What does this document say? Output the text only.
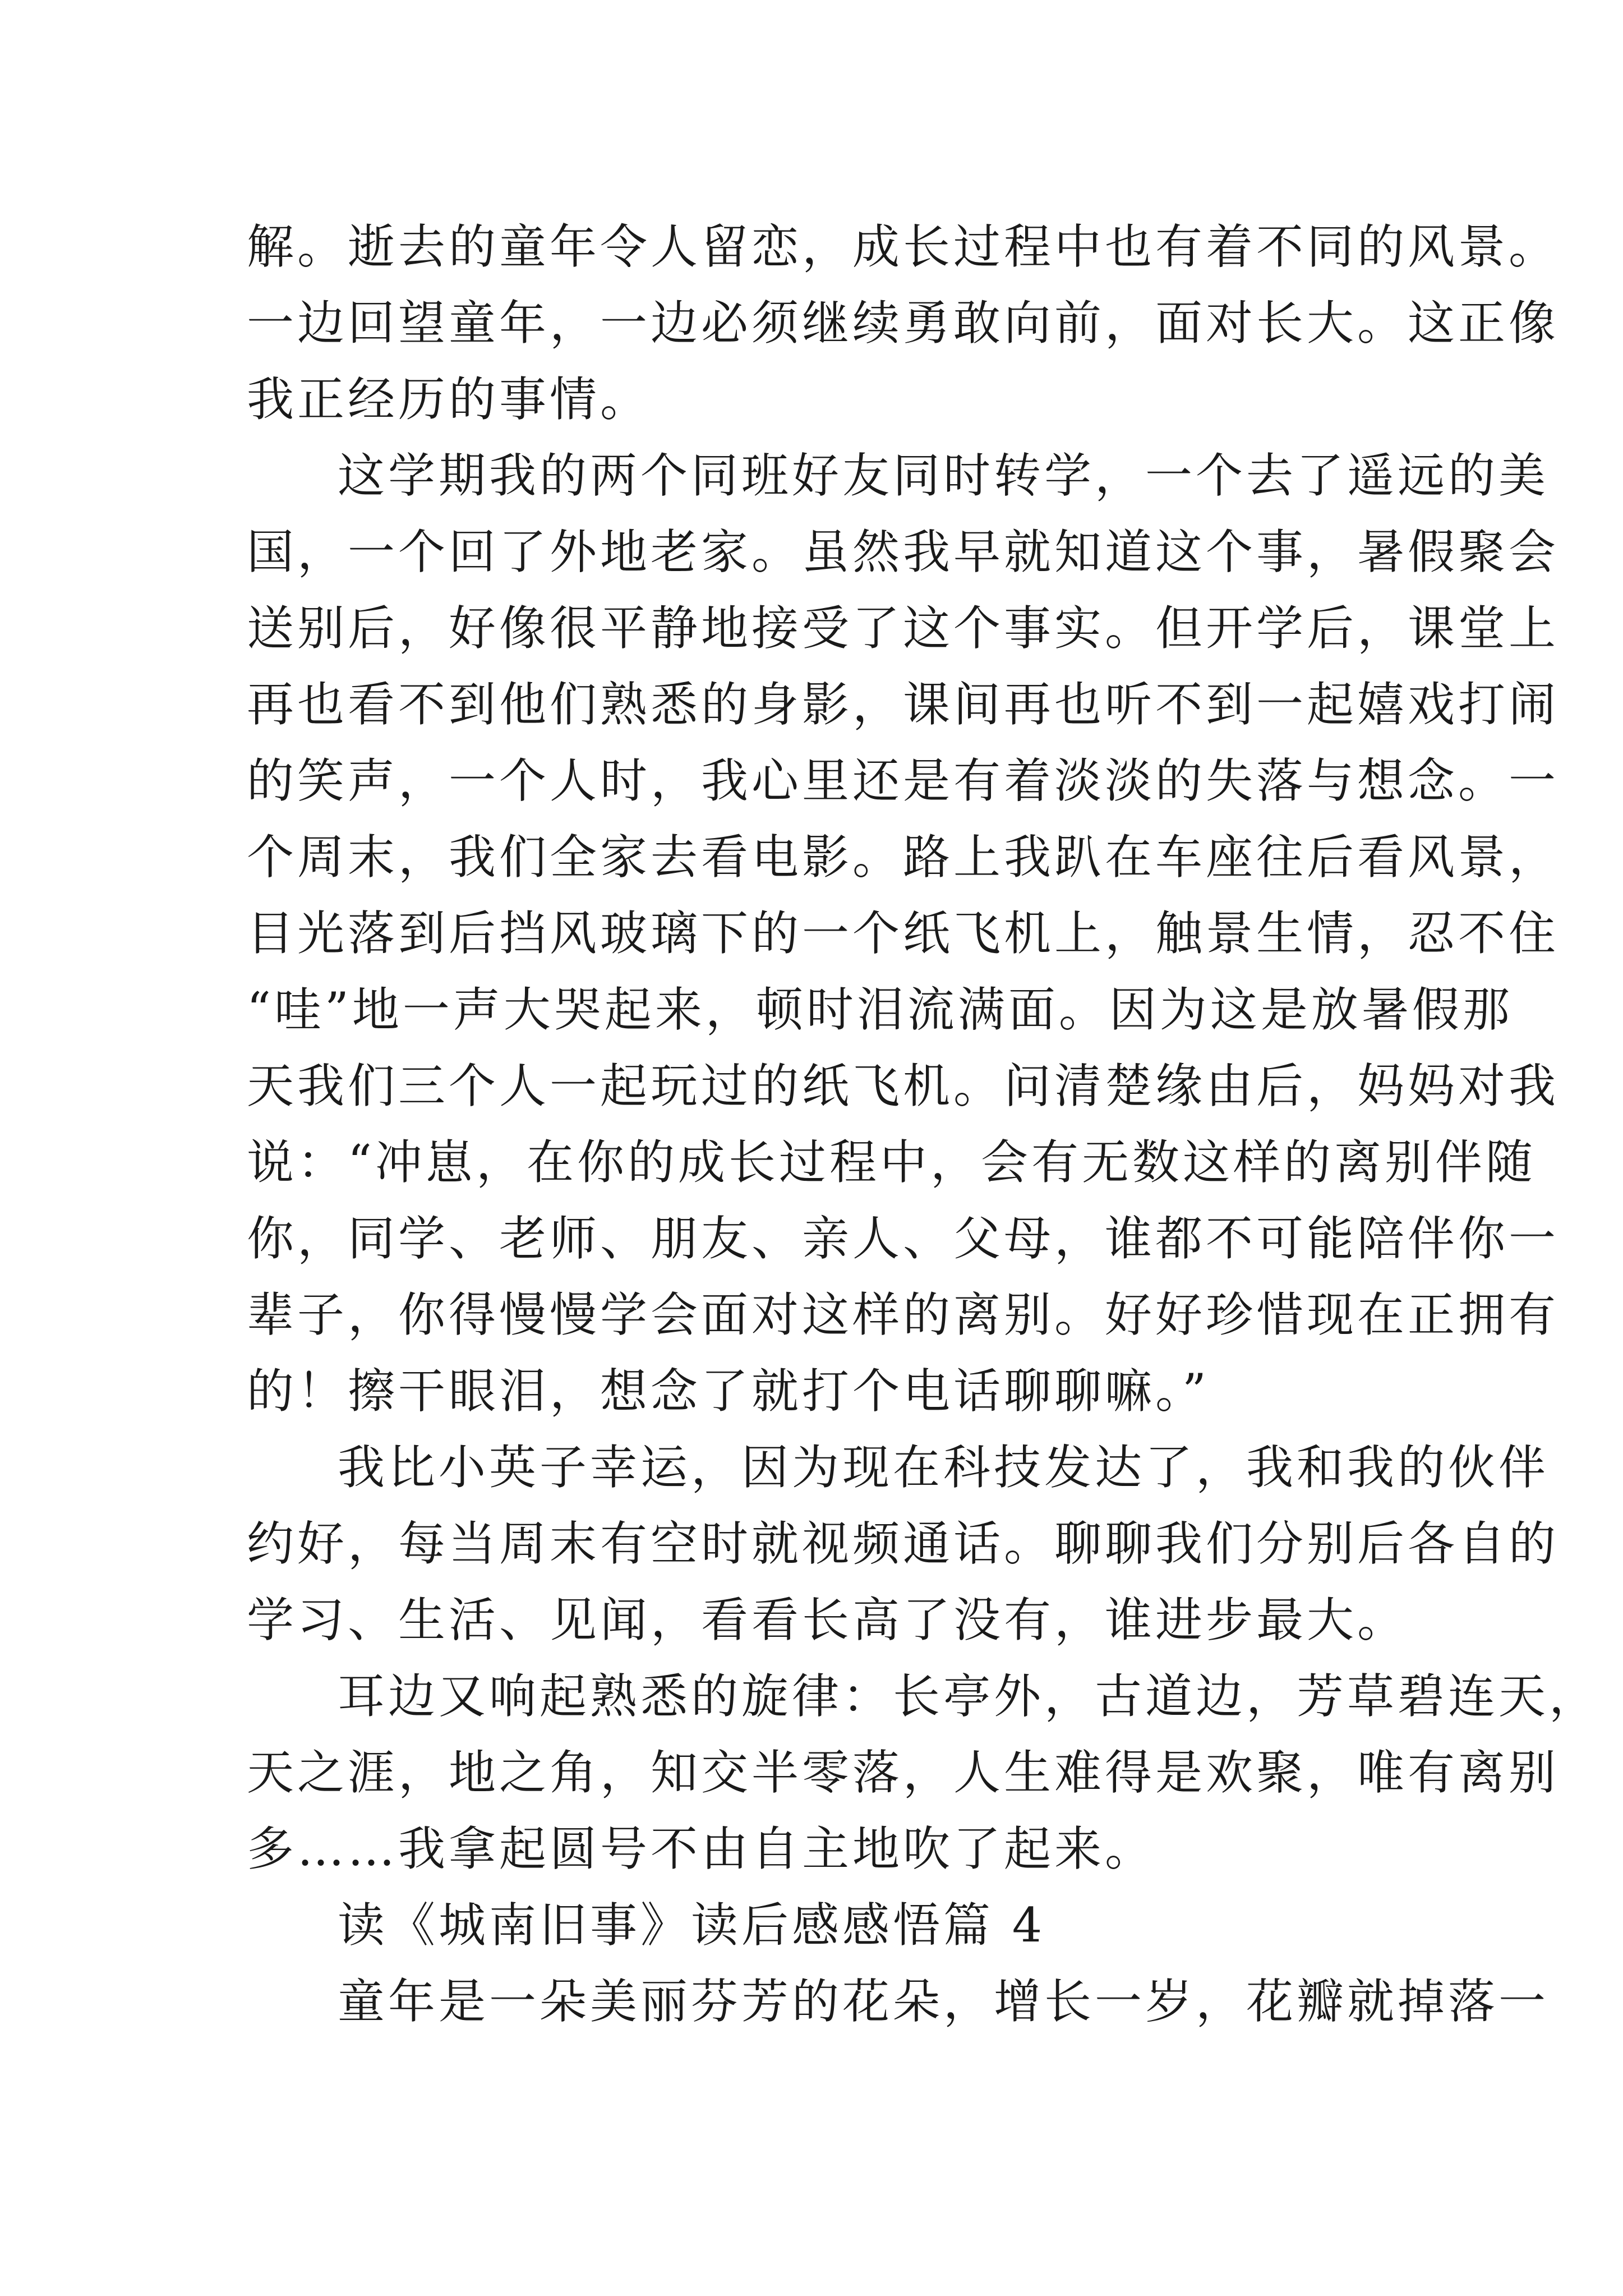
解。逝去的童年令人留恋，成长过程中也有着不同的风景。
一边回望童年，一边必须继续勇敢向前，面对长大。这正像
我正经历的事情。
这学期我的两个同班好友同时转学，一个去了遥远的美
国，一个回了外地老家。虽然我早就知道这个事，暑假聚会
送别后，好像很平静地接受了这个事实。但开学后，课堂上
再也看不到他们熟悉的身影，课间再也听不到一起嬉戏打闹
的笑声，一个人时，我心里还是有着淡淡的失落与想念。一
个周末，我们全家去看电影。路上我趴在车座往后看风景，
目光落到后挡风玻璃下的一个纸飞机上，触景生情，忍不住
“哇”地一声大哭起来，顿时泪流满面。因为这是放暑假那
天我们三个人一起玩过的纸飞机。问清楚缘由后，妈妈对我
说：“冲崽，在你的成长过程中，会有无数这样的离别伴随
你，同学、老师、朋友、亲人、父母，谁都不可能陪伴你一
辈子，你得慢慢学会面对这样的离别。好好珍惜现在正拥有
的！擦干眼泪，想念了就打个电话聊聊嘛。”
我比小英子幸运，因为现在科技发达了，我和我的伙伴
约好，每当周末有空时就视频通话。聊聊我们分别后各自的
学习、生活、见闻，看看长高了没有，谁进步最大。
耳边又响起熟悉的旋律：长亭外，古道边，芳草碧连天，
天之涯，地之角，知交半零落，人生难得是欢聚，唯有离别
多……我拿起圆号不由自主地吹了起来。
读《城南旧事》读后感感悟篇 4
童年是一朵美丽芬芳的花朵，增长一岁，花瓣就掉落一
